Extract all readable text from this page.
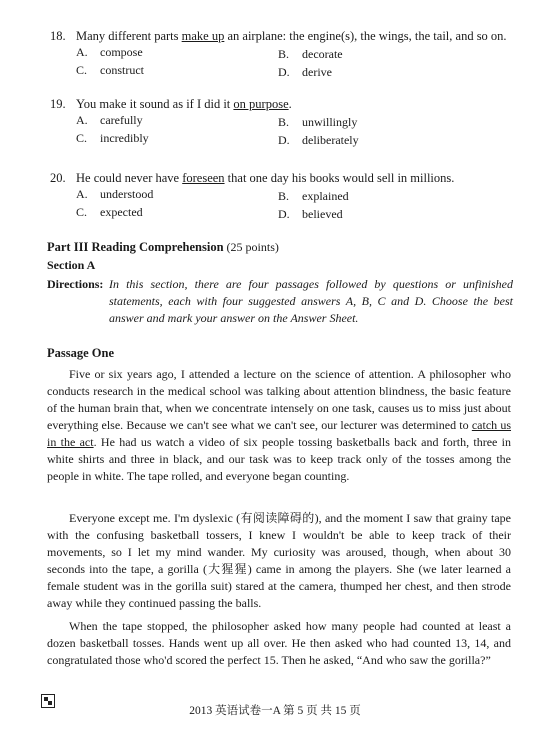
18. Many different parts make up an airplane: the engine(s), the wings, the tail, and so on.
A. compose	B. decorate
C. construct	D. derive
19. You make it sound as if I did it on purpose.
A. carefully	B. unwillingly
C. incredibly	D. deliberately
20. He could never have foreseen that one day his books would sell in millions.
A. understood	B. explained
C. expected	D. believed
Part III Reading Comprehension (25 points)
Section A
Directions: In this section, there are four passages followed by questions or unfinished statements, each with four suggested answers A, B, C and D. Choose the best answer and mark your answer on the Answer Sheet.
Passage One

Five or six years ago, I attended a lecture on the science of attention. A philosopher who conducts research in the medical school was talking about attention blindness, the basic feature of the human brain that, when we concentrate intensely on one task, causes us to miss just about everything else. Because we can't see what we can't see, our lecturer was determined to catch us in the act. He had us watch a video of six people tossing basketballs back and forth, three in white shirts and three in black, and our task was to keep track only of the tosses among the people in white. The tape rolled, and everyone began counting.

Everyone except me. I'm dyslexic (有阅读障碍的), and the moment I saw that grainy tape with the confusing basketball tossers, I knew I wouldn't be able to keep track of their movements, so I let my mind wander. My curiosity was aroused, though, when about 30 seconds into the tape, a gorilla (大猩猩) came in among the players. She (we later learned a female student was in the gorilla suit) stared at the camera, thumped her chest, and then strode away while they continued passing the balls.

When the tape stopped, the philosopher asked how many people had counted at least a dozen basketball tosses. Hands went up all over. He then asked who had counted 13, 14, and congratulated those who'd scored the perfect 15. Then he asked, “And who saw the gorilla?”

2013 英语试卷一A 第 5 页 共 15 页
